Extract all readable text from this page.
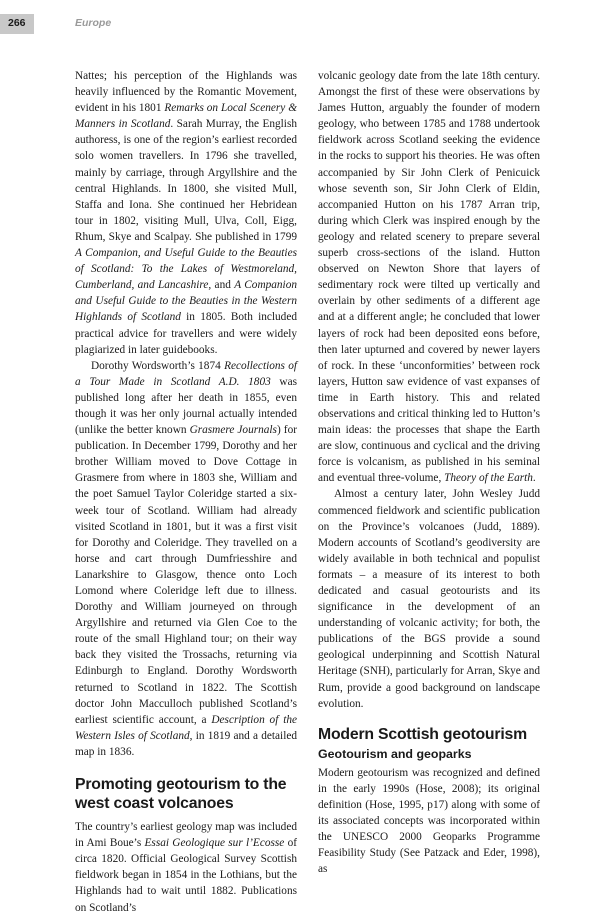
266	Europe

Nattes; his perception of the Highlands was heavily influenced by the Romantic Movement, evident in his 1801 Remarks on Local Scenery & Manners in Scotland. Sarah Murray, the English authoress, is one of the region’s earliest recorded solo women travellers. In 1796 she travelled, mainly by carriage, through Argyllshire and the central Highlands. In 1800, she visited Mull, Staffa and Iona. She continued her Hebridean tour in 1802, visiting Mull, Ulva, Coll, Eigg, Rhum, Skye and Scalpay. She published in 1799 A Companion, and Useful Guide to the Beauties of Scotland: To the Lakes of Westmoreland, Cumberland, and Lancashire, and A Companion and Useful Guide to the Beauties in the Western Highlands of Scotland in 1805. Both included practical advice for travellers and were widely plagiarized in later guidebooks.

Dorothy Wordsworth’s 1874 Recollections of a Tour Made in Scotland A.D. 1803 was published long after her death in 1855, even though it was her only journal actually intended (unlike the better known Grasmere Journals) for publication. In December 1799, Dorothy and her brother William moved to Dove Cottage in Grasmere from where in 1803 she, William and the poet Samuel Taylor Coleridge started a six-week tour of Scotland. William had already visited Scotland in 1801, but it was a first visit for Dorothy and Coleridge. They travelled on a horse and cart through Dumfriesshire and Lanarkshire to Glasgow, thence onto Loch Lomond where Coleridge left due to illness. Dorothy and William journeyed on through Argyllshire and returned via Glen Coe to the route of the small Highland tour; on their way back they visited the Trossachs, returning via Edinburgh to England. Dorothy Wordsworth returned to Scotland in 1822. The Scottish doctor John Macculloch published Scotland’s earliest scientific account, a Description of the Western Isles of Scotland, in 1819 and a detailed map in 1836.

Promoting geotourism to the west coast volcanoes

The country’s earliest geology map was included in Ami Boue’s Essai Geologique sur l’Ecosse of circa 1820. Official Geological Survey Scottish fieldwork began in 1854 in the Lothians, but the Highlands had to wait until 1882. Publications on Scotland’s

volcanic geology date from the late 18th century. Amongst the first of these were observations by James Hutton, arguably the founder of modern geology, who between 1785 and 1788 undertook fieldwork across Scotland seeking the evidence in the rocks to support his theories. He was often accompanied by Sir John Clerk of Penicuick whose seventh son, Sir John Clerk of Eldin, accompanied Hutton on his 1787 Arran trip, during which Clerk was inspired enough by the geology and related scenery to prepare several superb cross-sections of the island. Hutton observed on Newton Shore that layers of sedimentary rock were tilted up vertically and overlain by other sediments of a different age and at a different angle; he concluded that lower layers of rock had been deposited eons before, then later upturned and covered by newer layers of rock. In these ‘unconformities’ between rock layers, Hutton saw evidence of vast expanses of time in Earth history. This and related observations and critical thinking led to Hutton’s main ideas: the processes that shape the Earth are slow, continuous and cyclical and the driving force is volcanism, as published in his seminal and eventual three-volume, Theory of the Earth.

Almost a century later, John Wesley Judd commenced fieldwork and scientific publication on the Province’s volcanoes (Judd, 1889). Modern accounts of Scotland’s geodiversity are widely available in both technical and populist formats – a measure of its interest to both dedicated and casual geotourists and its significance in the development of an understanding of volcanic activity; for both, the publications of the BGS provide a sound geological underpinning and Scottish Natural Heritage (SNH), particularly for Arran, Skye and Rum, provide a good background on landscape evolution.

Modern Scottish geotourism
Geotourism and geoparks

Modern geotourism was recognized and defined in the early 1990s (Hose, 2008); its original definition (Hose, 1995, p17) along with some of its associated concepts was incorporated within the UNESCO 2000 Geoparks Programme Feasibility Study (See Patzack and Eder, 1998), as
